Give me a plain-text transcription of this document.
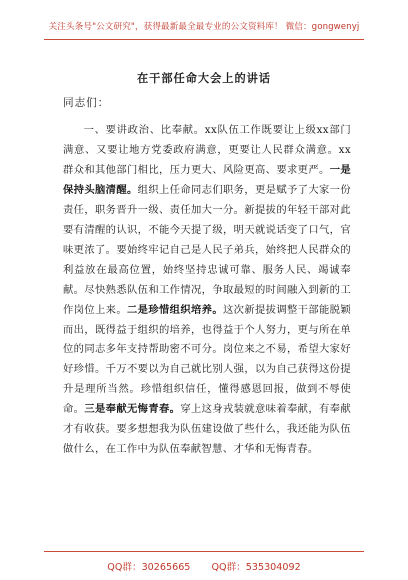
关注头条号"公文研究"，获得最新最全最专业的公文资料库！ 微信：gongwenyj
在干部任命大会上的讲话
同志们：

一、要讲政治、比奉献。xx队伍工作既要让上级xx部门满意、又要让地方党委政府满意，更要让人民群众满意。xx群众和其他部门相比，压力更大、风险更高、要求更严。一是保持头脑清醒。组织上任命同志们职务，更是赋予了大家一份责任，职务晋升一级、责任加大一分。新提拔的年轻干部对此要有清醒的认识，不能今天提了级，明天就说话变了口气，官味更浓了。要始终牢记自己是人民子弟兵，始终把人民群众的利益放在最高位置，始终坚持忠诚可靠、服务人民、竭诚奉献。尽快熟悉队伍和工作情况，争取最短的时间融入到新的工作岗位上来。二是珍惜组织培养。这次新提拔调整干部能脱颖而出，既得益于组织的培养，也得益于个人努力，更与所在单位的同志多年支持帮助密不可分。岗位来之不易，希望大家好好珍惜。千万不要以为自己就比别人强，以为自己获得这份提升是理所当然。珍惜组织信任，懂得感恩回报，做到不辱使命。三是奉献无悔青春。穿上这身戎装就意味着奉献，有奉献才有收获。要多想想我为队伍建设做了些什么，我还能为队伍做什么，在工作中为队伍奉献智慧、才华和无悔青春。

QQ群：30265665 QQ群：535304092
